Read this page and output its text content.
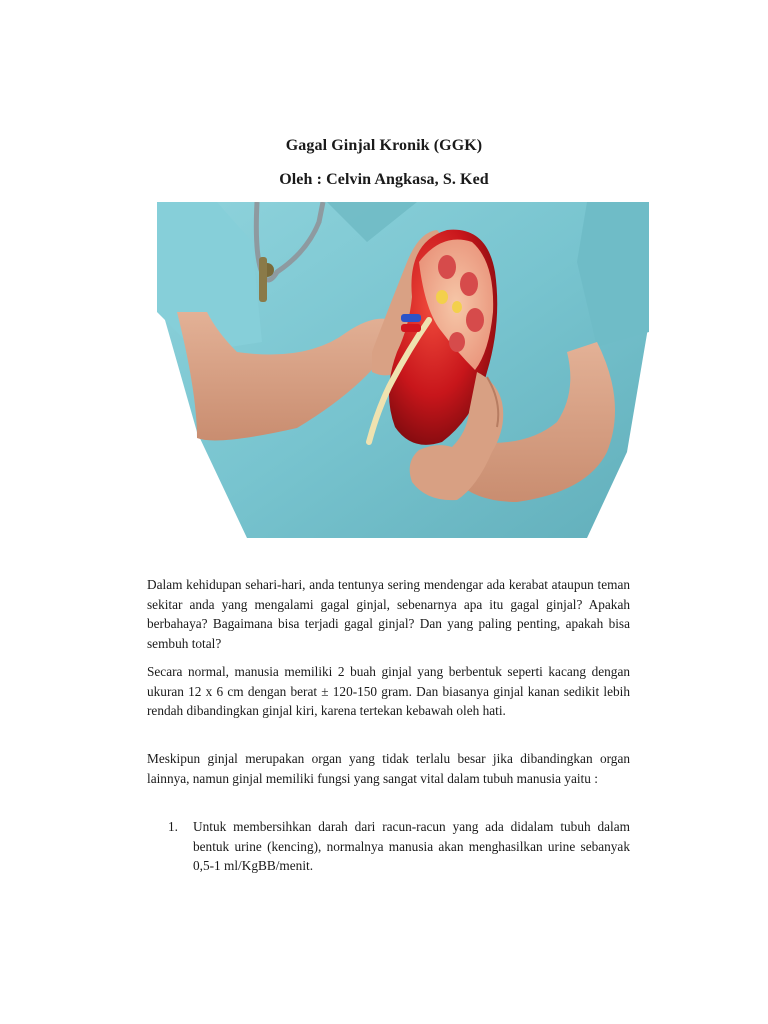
Gagal Ginjal Kronik (GGK)
Oleh : Celvin Angkasa, S. Ked
Dalam kehidupan sehari-hari, anda tentunya sering mendengar ada kerabat ataupun teman sekitar anda yang mengalami gagal ginjal, sebenarnya apa itu gagal ginjal? Apakah berbahaya? Bagaimana bisa terjadi gagal ginjal? Dan yang paling penting, apakah bisa sembuh total?
Secara normal, manusia memiliki 2 buah ginjal yang berbentuk seperti kacang dengan ukuran 12 x 6 cm dengan berat ± 120-150 gram. Dan biasanya ginjal kanan sedikit lebih rendah dibandingkan ginjal kiri, karena tertekan kebawah oleh hati.
Meskipun ginjal merupakan organ yang tidak terlalu besar jika dibandingkan organ lainnya, namun ginjal memiliki fungsi yang sangat vital dalam tubuh manusia yaitu :
1.	Untuk membersihkan darah dari racun-racun yang ada didalam tubuh dalam bentuk urine (kencing), normalnya manusia akan menghasilkan urine sebanyak 0,5-1 ml/KgBB/menit.
